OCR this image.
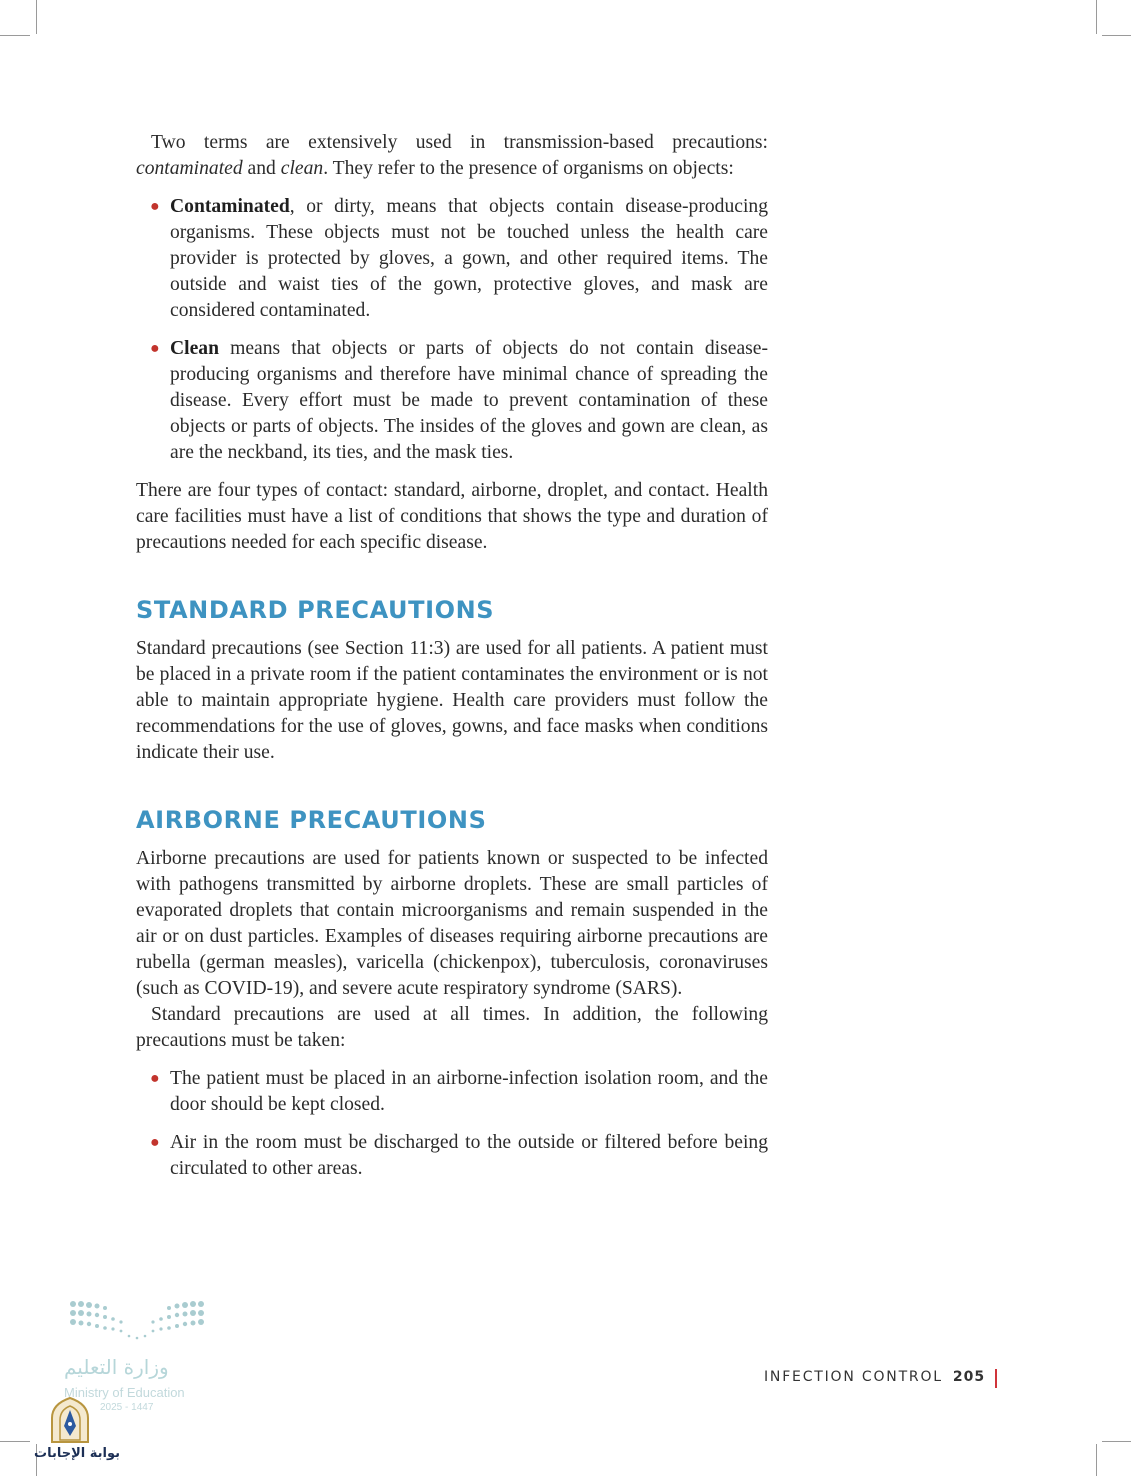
Two terms are extensively used in transmission-based precautions: contaminated and clean. They refer to the presence of organisms on objects:

● Contaminated, or dirty, means that objects contain disease-producing organisms. These objects must not be touched unless the health care provider is protected by gloves, a gown, and other required items. The outside and waist ties of the gown, protective gloves, and mask are considered contaminated.
● Clean means that objects or parts of objects do not contain disease-producing organisms and therefore have minimal chance of spreading the disease. Every effort must be made to prevent contamination of these objects or parts of objects. The insides of the gloves and gown are clean, as are the neckband, its ties, and the mask ties.

There are four types of contact: standard, airborne, droplet, and contact. Health care facilities must have a list of conditions that shows the type and duration of precautions needed for each specific disease.

STANDARD PRECAUTIONS

Standard precautions (see Section 11:3) are used for all patients. A patient must be placed in a private room if the patient contaminates the environment or is not able to maintain appropriate hygiene. Health care providers must follow the recommendations for the use of gloves, gowns, and face masks when conditions indicate their use.

AIRBORNE PRECAUTIONS

Airborne precautions are used for patients known or suspected to be infected with pathogens transmitted by airborne droplets. These are small particles of evaporated droplets that contain microorganisms and remain suspended in the air or on dust particles. Examples of diseases requiring airborne precautions are rubella (german measles), varicella (chickenpox), tuberculosis, coronaviruses (such as COVID-19), and severe acute respiratory syndrome (SARS).

Standard precautions are used at all times. In addition, the following precautions must be taken:

● The patient must be placed in an airborne-infection isolation room, and the door should be kept closed.
● Air in the room must be discharged to the outside or filtered before being circulated to other areas.
وزارة التعليم
Ministry of Education
2025 - 1447
بوابة الإجابات
INFECTION CONTROL 205
